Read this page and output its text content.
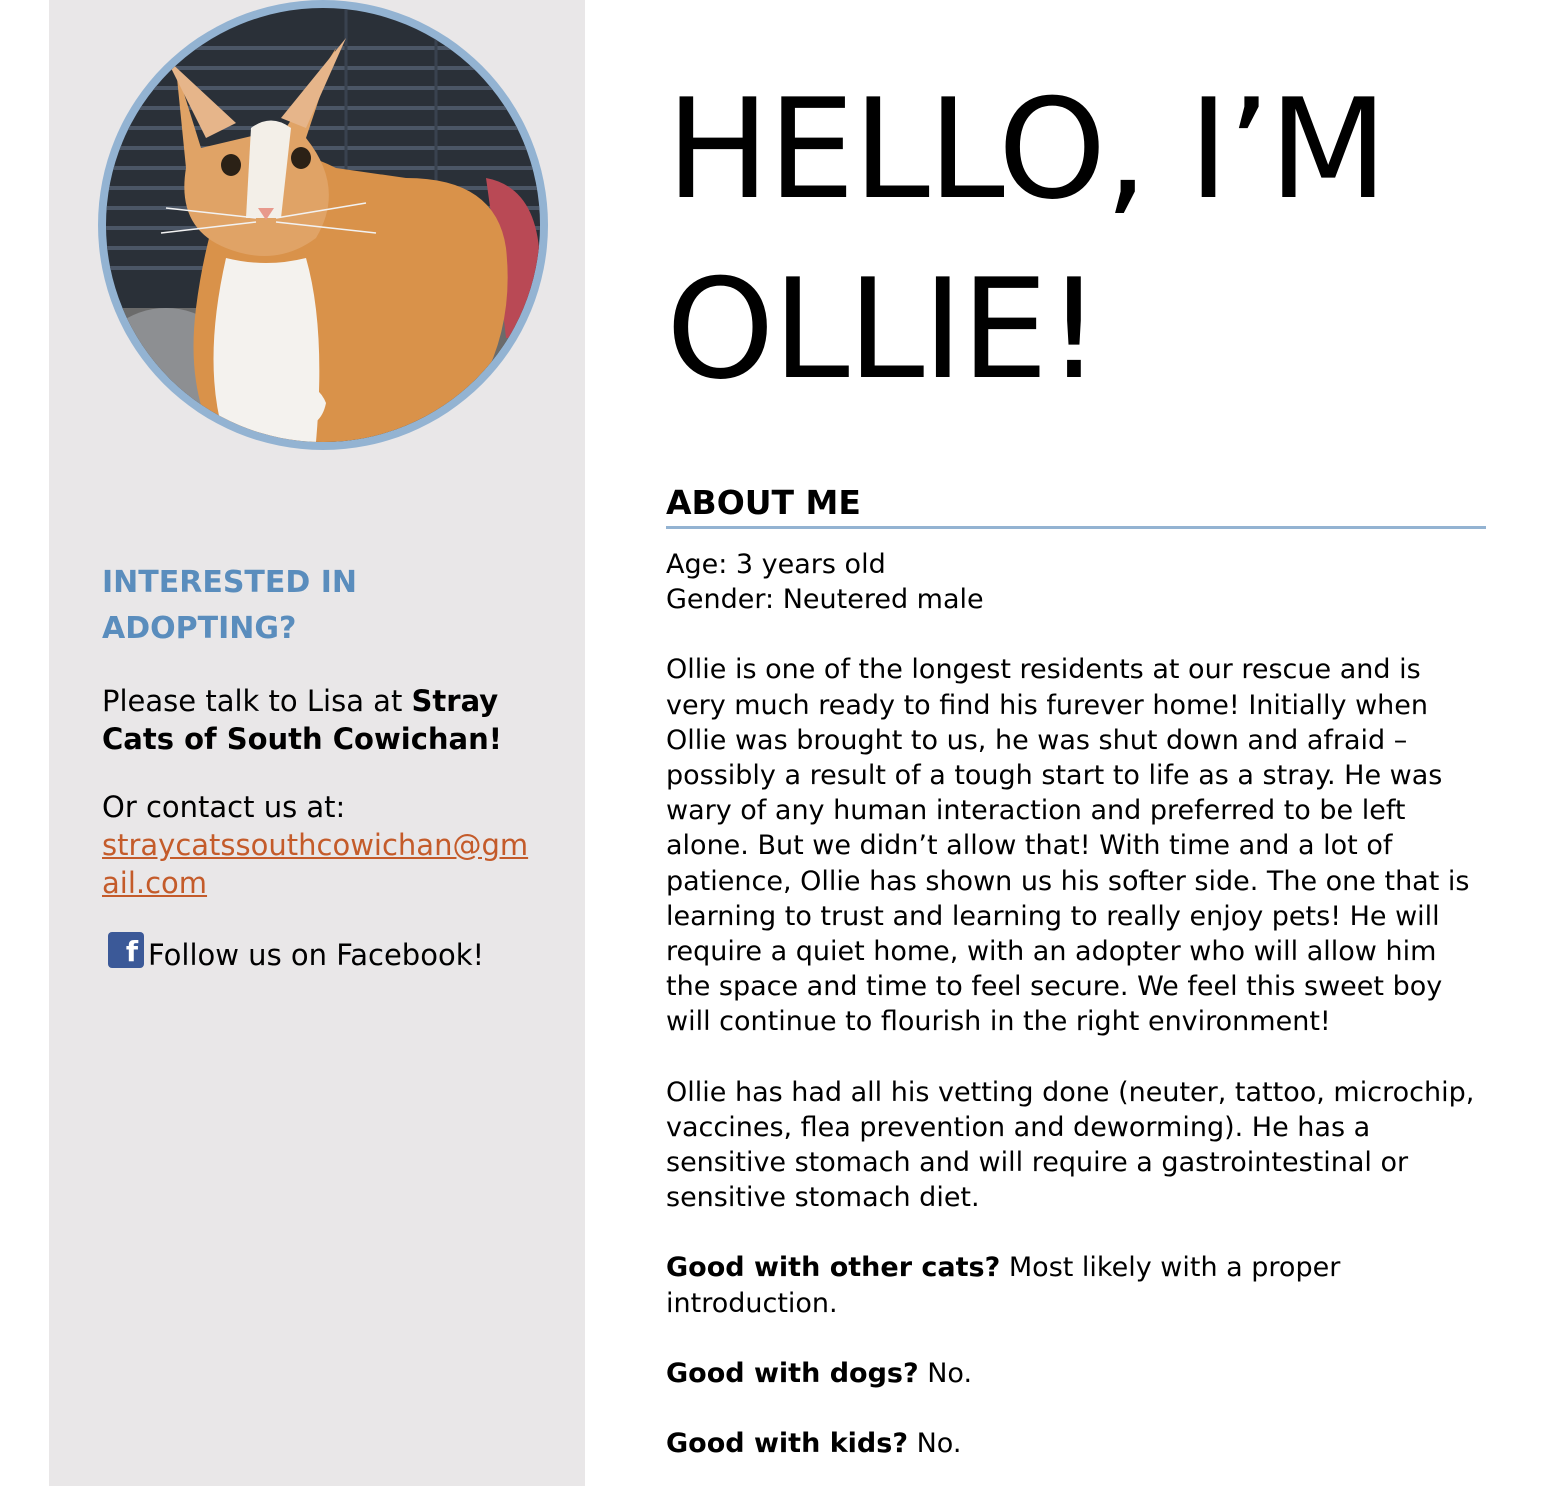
INTERESTED IN ADOPTING?

Please talk to Lisa at Stray Cats of South Cowichan!

Or contact us at:
straycatssouthcowichan@gmail.com

f Follow us on Facebook!
HELLO, I’M
OLLIE!
ABOUT ME

Age: 3 years old
Gender: Neutered male

Ollie is one of the longest residents at our rescue and is very much ready to find his furever home! Initially when Ollie was brought to us, he was shut down and afraid – possibly a result of a tough start to life as a stray. He was wary of any human interaction and preferred to be left alone. But we didn’t allow that! With time and a lot of patience, Ollie has shown us his softer side. The one that is learning to trust and learning to really enjoy pets! He will require a quiet home, with an adopter who will allow him the space and time to feel secure. We feel this sweet boy will continue to flourish in the right environment!

Ollie has had all his vetting done (neuter, tattoo, microchip, vaccines, flea prevention and deworming). He has a sensitive stomach and will require a gastrointestinal or sensitive stomach diet.

Good with other cats? Most likely with a proper introduction.

Good with dogs? No.

Good with kids? No.
